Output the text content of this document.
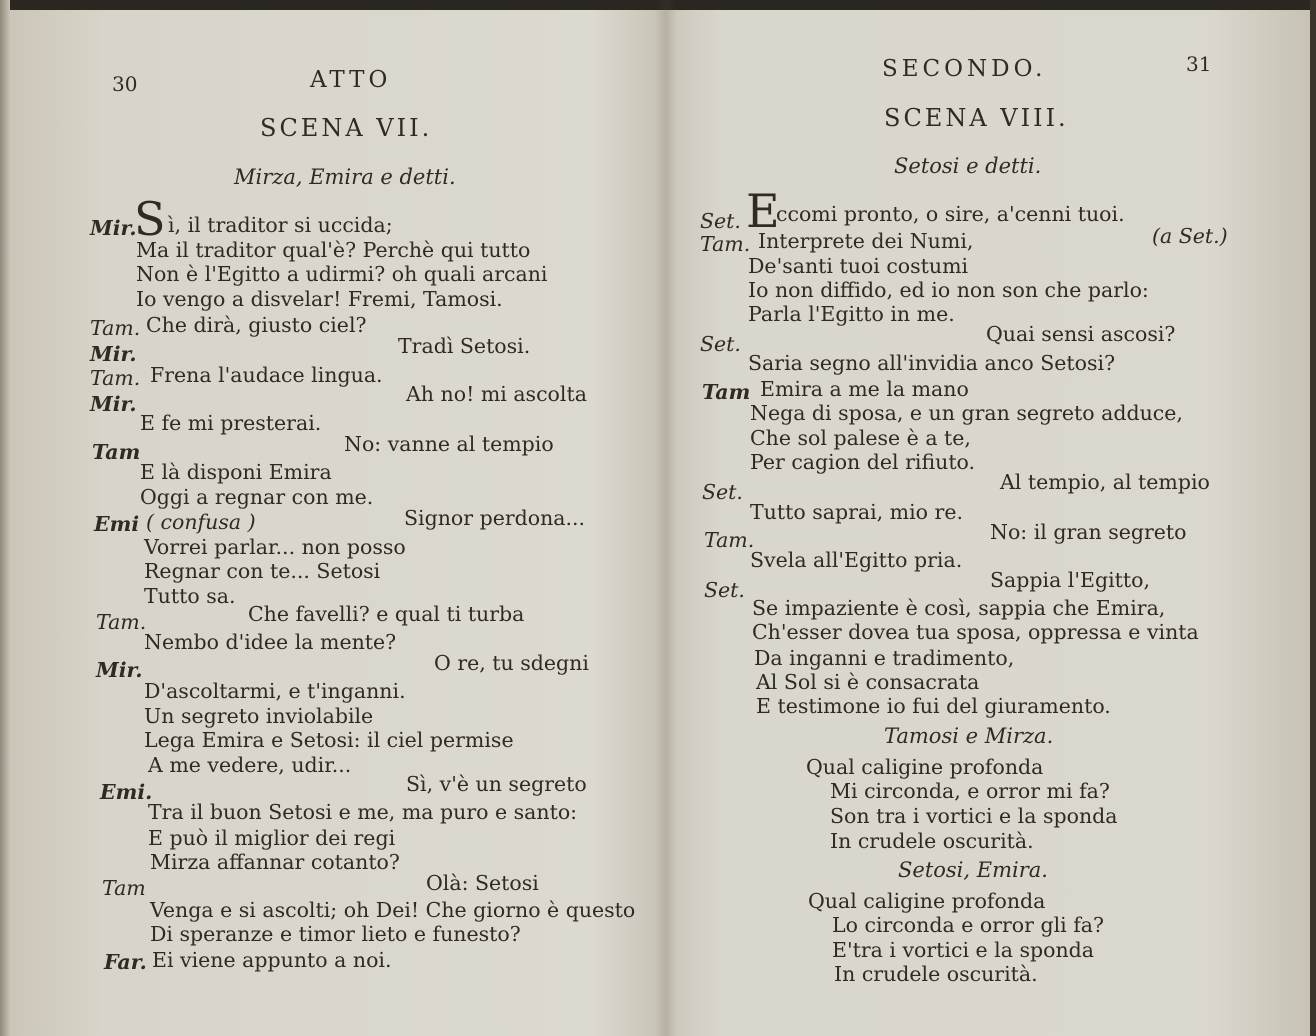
30	ATTO
SCENA VII.
Mirza, Emira e detti.
Mir.
S ì, il traditor si uccida;
Ma il traditor qual'è? Perchè qui tutto
Non è l'Egitto a udirmi? oh quali arcani
Io vengo a disvelar! Fremi, Tamosi.
Tam. Che dirà, giusto ciel?
Mir.	Tradì Setosi.
Tam. Frena l'audace lingua.
Mir.	Ah no! mi ascolta
E fe mi presterai.
Tam	No: vanne al tempio
E là disponi Emira
Oggi a regnar con me.
Emi ( confusa )	Signor perdona...
Vorrei parlar... non posso
Regnar con te... Setosi
Tutto sa.
Tam.	Che favelli? e qual ti turba
Nembo d'idee la mente?
Mir.	O re, tu sdegni
D'ascoltarmi, e t'inganni.
Un segreto inviolabile
Lega Emira e Setosi: il ciel permise
A me vedere, udir...
Emi.	Sì, v'è un segreto
Tra il buon Setosi e me, ma puro e santo:
E può il miglior dei regi
Mirza affannar cotanto?
Tam	Olà: Setosi
Venga e si ascolti; oh Dei! Che giorno è questo
Di speranze e timor lieto e funesto?
Far. Ei viene appunto a noi.
SECONDO.	31
SCENA VIII.
Setosi e detti.
Set. E
ccomi pronto, o sire, a'cenni tuoi.
Tam. Interprete dei Numi,	(a Set.)
De'santi tuoi costumi
Io non diffido, ed io non son che parlo:
Parla l'Egitto in me.
Set.	Quai sensi ascosi?
Saria segno all'invidia anco Setosi?
Tam Emira a me la mano
Nega di sposa, e un gran segreto adduce,
Che sol palese è a te,
Per cagion del rifiuto.
Set.	Al tempio, al tempio
Tutto saprai, mio re.
Tam.	No: il gran segreto
Svela all'Egitto pria.
Set.	Sappia l'Egitto,
Se impaziente è così, sappia che Emira,
Ch'esser dovea tua sposa, oppressa e vinta
Da inganni e tradimento,
Al Sol si è consacrata
E testimone io fui del giuramento.
Tamosi e Mirza.
Qual caligine profonda
Mi circonda, e orror mi fa?
Son tra i vortici e la sponda
In crudele oscurità.
Setosi, Emira.
Qual caligine profonda
Lo circonda e orror gli fa?
E'tra i vortici e la sponda
In crudele oscurità.
